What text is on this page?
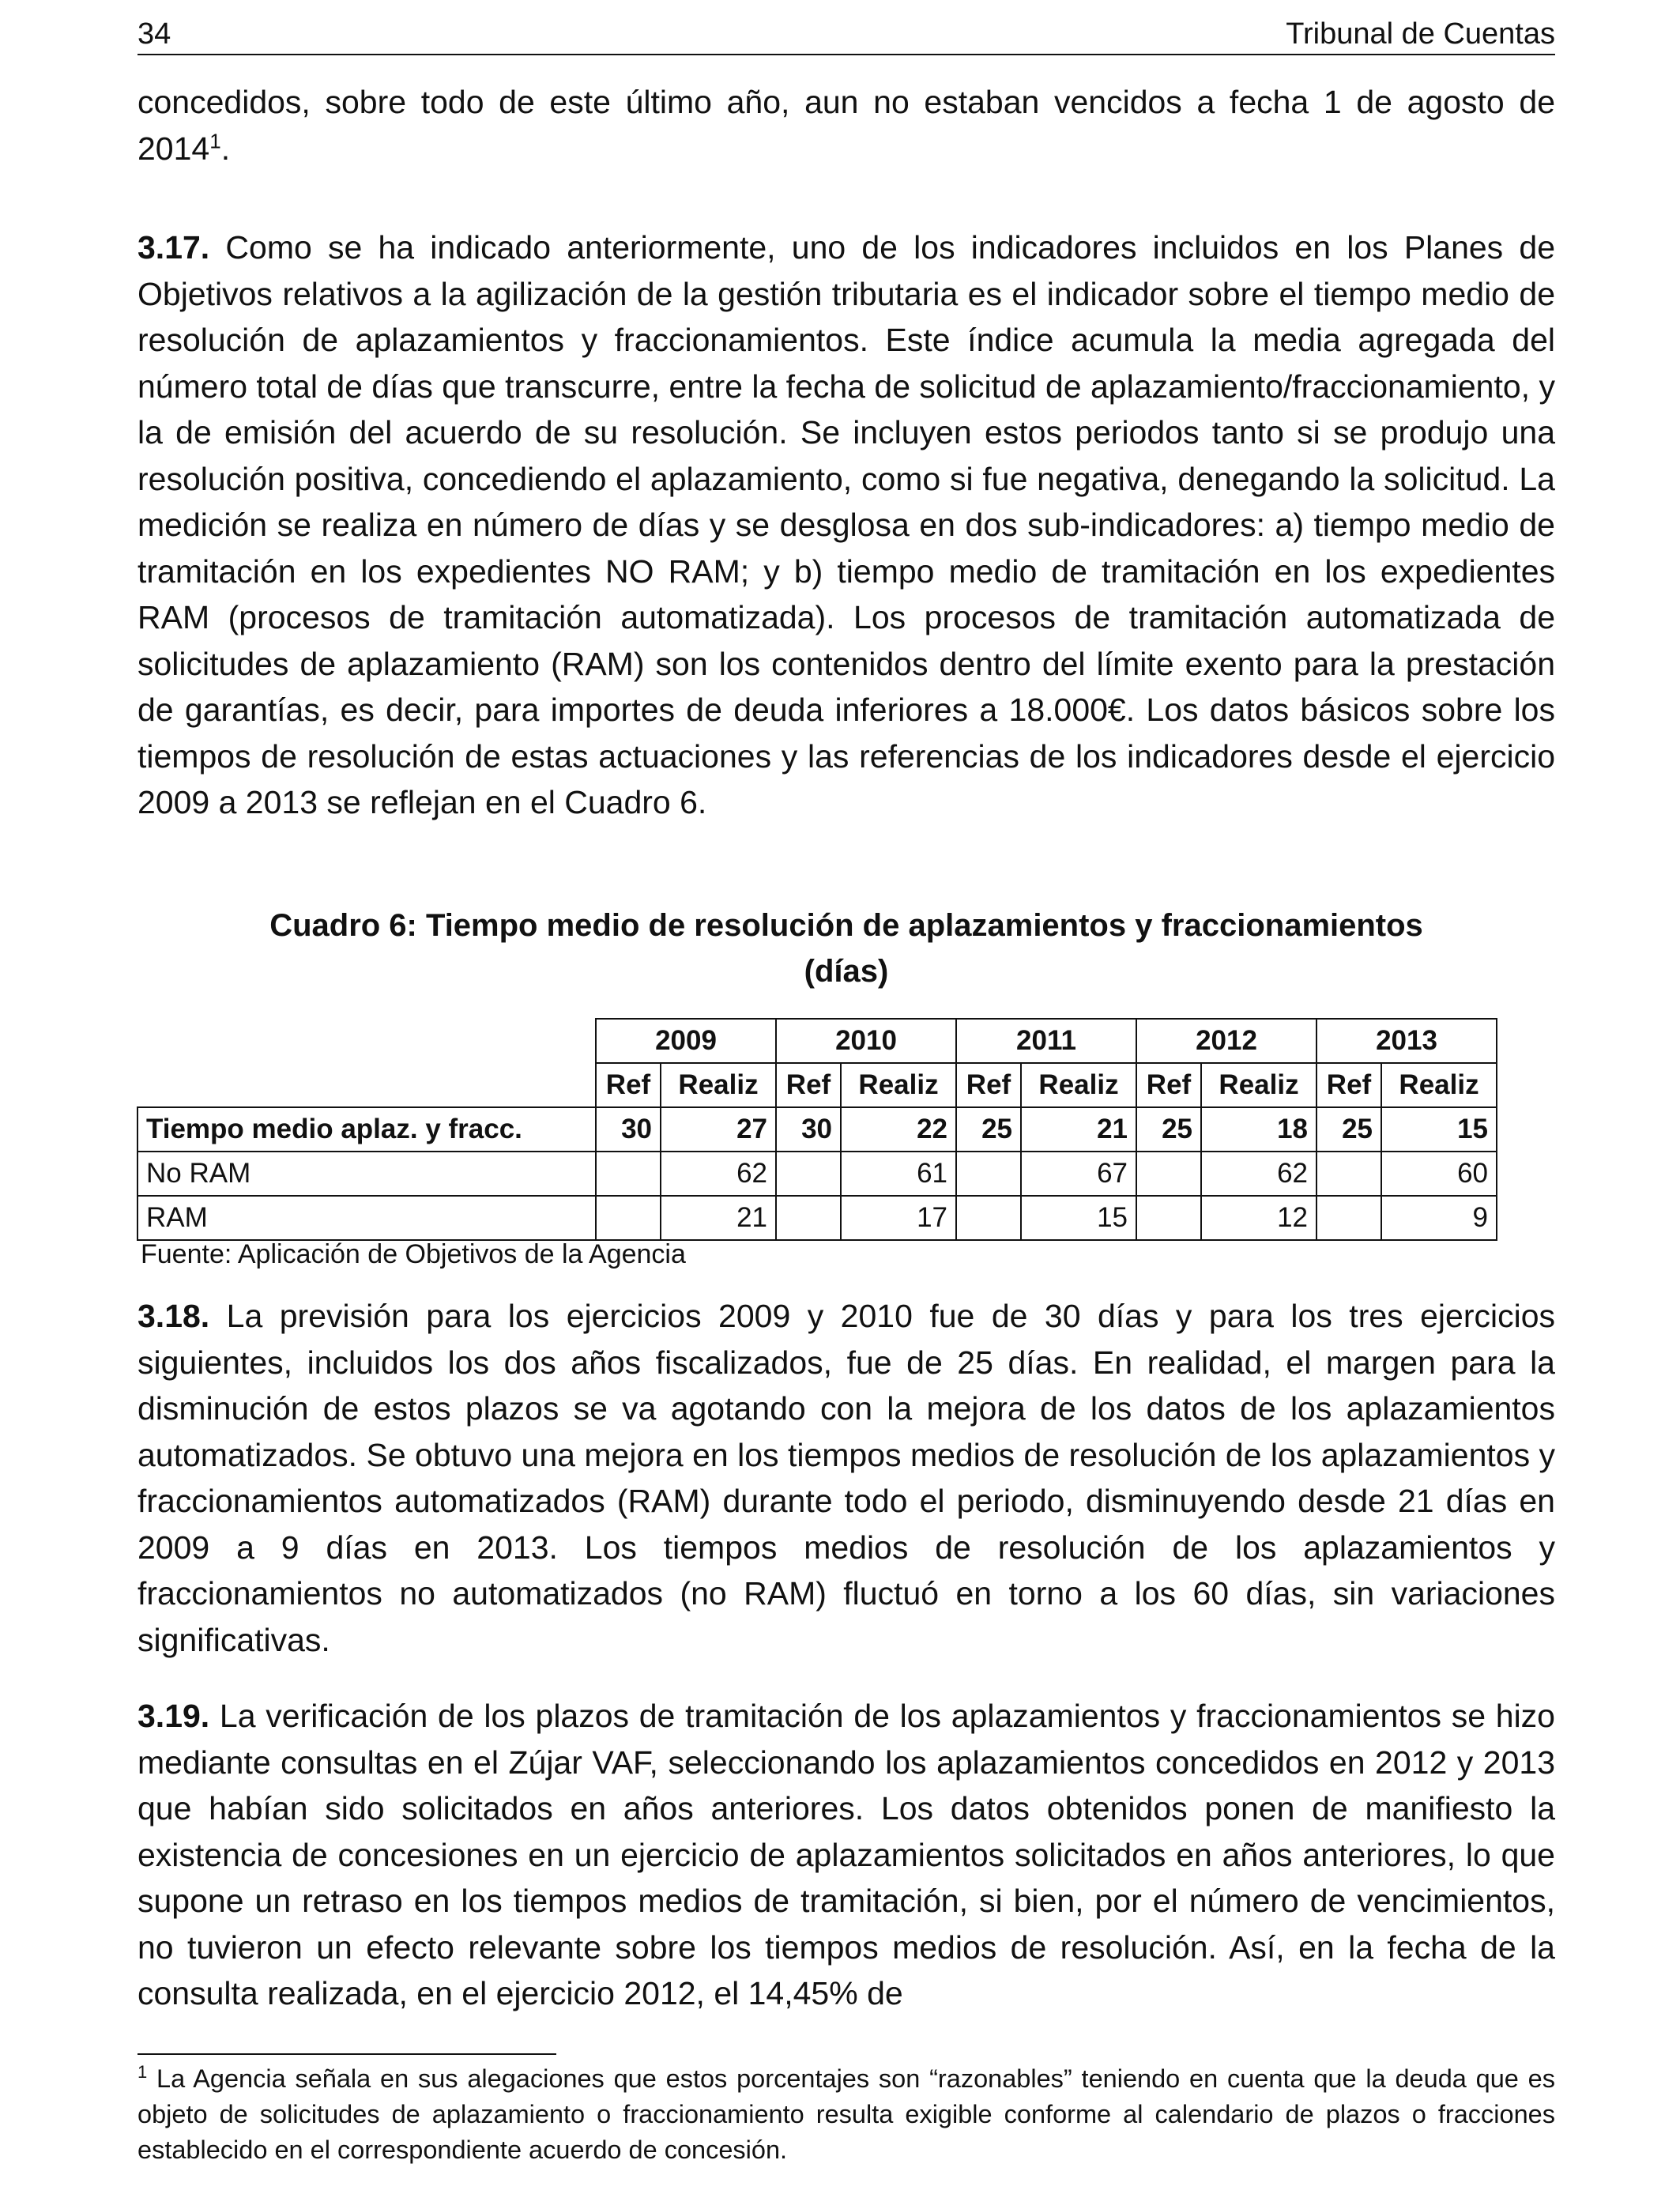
34	Tribunal de Cuentas

concedidos, sobre todo de este último año, aun no estaban vencidos a fecha 1 de agosto de 2014$^1$.

3.17. Como se ha indicado anteriormente, uno de los indicadores incluidos en los Planes de Objetivos relativos a la agilización de la gestión tributaria es el indicador sobre el tiempo medio de resolución de aplazamientos y fraccionamientos. Este índice acumula la media agregada del número total de días que transcurre, entre la fecha de solicitud de aplazamiento/fraccionamiento, y la de emisión del acuerdo de su resolución. Se incluyen estos periodos tanto si se produjo una resolución positiva, concediendo el aplazamiento, como si fue negativa, denegando la solicitud. La medición se realiza en número de días y se desglosa en dos sub-indicadores: a) tiempo medio de tramitación en los expedientes NO RAM; y b) tiempo medio de tramitación en los expedientes RAM (procesos de tramitación automatizada). Los procesos de tramitación automatizada de solicitudes de aplazamiento (RAM) son los contenidos dentro del límite exento para la prestación de garantías, es decir, para importes de deuda inferiores a 18.000€. Los datos básicos sobre los tiempos de resolución de estas actuaciones y las referencias de los indicadores desde el ejercicio 2009 a 2013 se reflejan en el Cuadro 6.

Cuadro 6: Tiempo medio de resolución de aplazamientos y fraccionamientos
(días)
	2009		2010		2011		2012		2013	
	Ref	Realiz	Ref	Realiz	Ref	Realiz	Ref	Realiz	Ref	Realiz
Tiempo medio aplaz. y fracc.	30	27	30	22	25	21	25	18	25	15
No RAM		62		61		67		62		60
RAM		21		17		15		12		9
Fuente: Aplicación de Objetivos de la Agencia

3.18. La previsión para los ejercicios 2009 y 2010 fue de 30 días y para los tres ejercicios siguientes, incluidos los dos años fiscalizados, fue de 25 días. En realidad, el margen para la disminución de estos plazos se va agotando con la mejora de los datos de los aplazamientos automatizados. Se obtuvo una mejora en los tiempos medios de resolución de los aplazamientos y fraccionamientos automatizados (RAM) durante todo el periodo, disminuyendo desde 21 días en 2009 a 9 días en 2013. Los tiempos medios de resolución de los aplazamientos y fraccionamientos no automatizados (no RAM) fluctuó en torno a los 60 días, sin variaciones significativas.

3.19. La verificación de los plazos de tramitación de los aplazamientos y fraccionamientos se hizo mediante consultas en el Zújar VAF, seleccionando los aplazamientos concedidos en 2012 y 2013 que habían sido solicitados en años anteriores. Los datos obtenidos ponen de manifiesto la existencia de concesiones en un ejercicio de aplazamientos solicitados en años anteriores, lo que supone un retraso en los tiempos medios de tramitación, si bien, por el número de vencimientos, no tuvieron un efecto relevante sobre los tiempos medios de resolución. Así, en la fecha de la consulta realizada, en el ejercicio 2012, el 14,45% de

$^1$ La Agencia señala en sus alegaciones que estos porcentajes son “razonables” teniendo en cuenta que la deuda que es objeto de solicitudes de aplazamiento o fraccionamiento resulta exigible conforme al calendario de plazos o fracciones establecido en el correspondiente acuerdo de concesión.
